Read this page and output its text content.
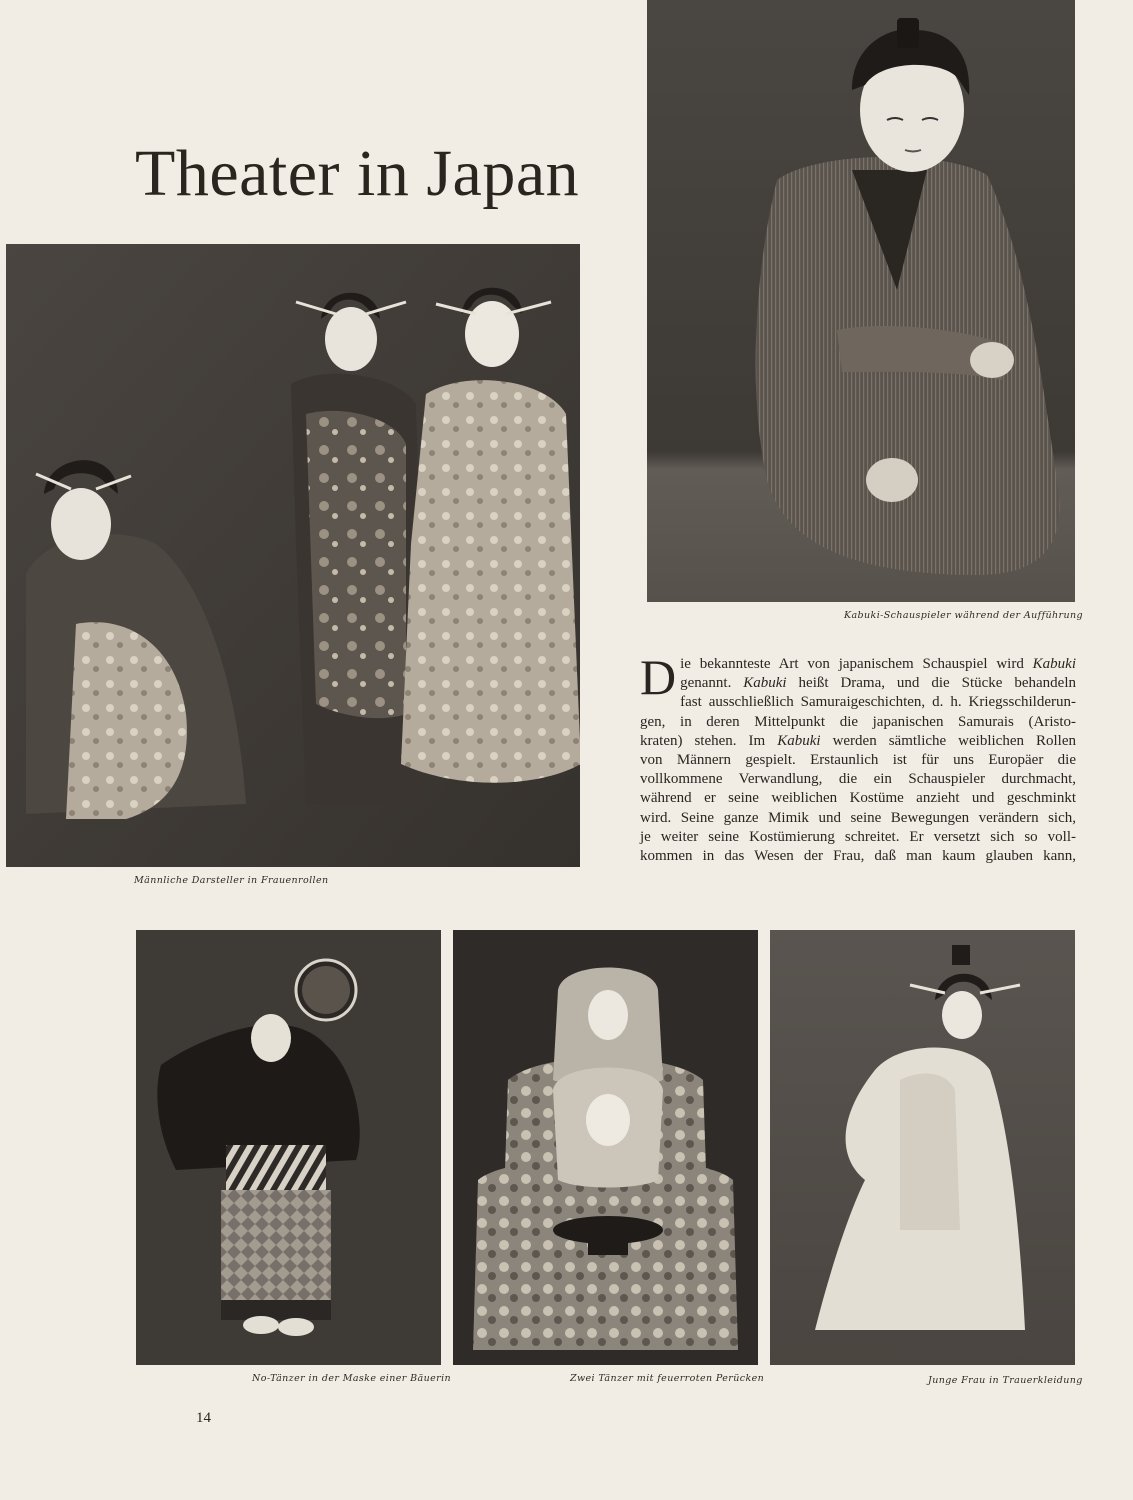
Theater in Japan
Kabuki-Schauspieler während der Aufführung
Männliche Darsteller in Frauenrollen
D ie bekannteste Art von japanischem Schauspiel wird Kabuki
genannt. Kabuki heißt Drama, und die Stücke behandeln
fast ausschließlich Samuraigeschichten, d. h. Kriegsschilderun-
gen, in deren Mittelpunkt die japanischen Samurais (Aristo-
kraten) stehen. Im Kabuki werden sämtliche weiblichen Rollen
von Männern gespielt. Erstaunlich ist für uns Europäer die
vollkommene Verwandlung, die ein Schauspieler durchmacht,
während er seine weiblichen Kostüme anzieht und geschminkt
wird. Seine ganze Mimik und seine Bewegungen verändern sich,
je weiter seine Kostümierung schreitet. Er versetzt sich so voll-
kommen in das Wesen der Frau, daß man kaum glauben kann,
No-Tänzer in der Maske einer Bäuerin	Zwei Tänzer mit feuerroten Perücken	Junge Frau in Trauerkleidung
14
